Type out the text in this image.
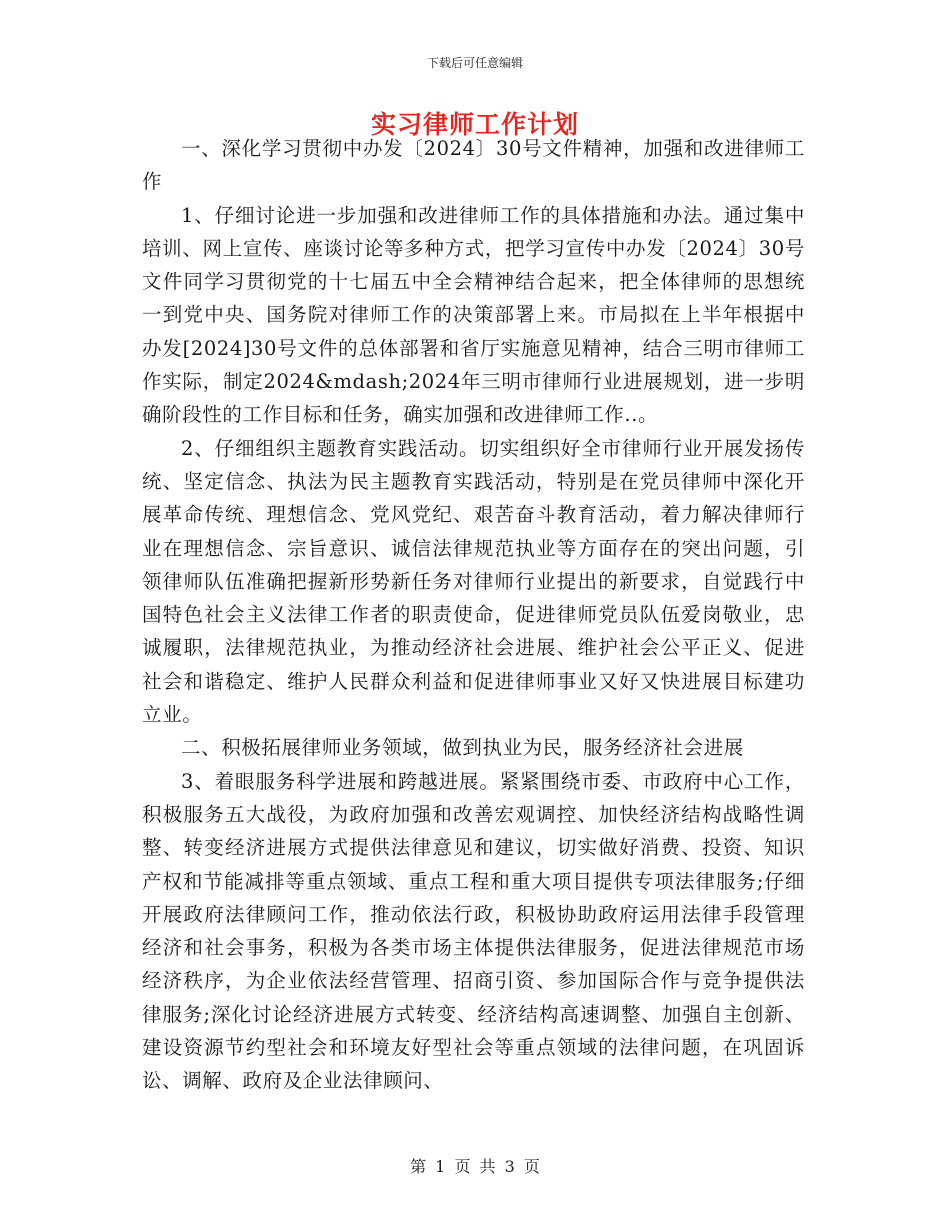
下载后可任意编辑
实习律师工作计划

一、深化学习贯彻中办发〔2024〕30号文件精神，加强和改进律师工作

1、仔细讨论进一步加强和改进律师工作的具体措施和办法。通过集中培训、网上宣传、座谈讨论等多种方式，把学习宣传中办发〔2024〕30号文件同学习贯彻党的十七届五中全会精神结合起来，把全体律师的思想统一到党中央、国务院对律师工作的决策部署上来。市局拟在上半年根据中办发[2024]30号文件的总体部署和省厅实施意见精神，结合三明市律师工作实际，制定2024&mdash;2024年三明市律师行业进展规划，进一步明确阶段性的工作目标和任务，确实加强和改进律师工作..。

2、仔细组织主题教育实践活动。切实组织好全市律师行业开展发扬传统、坚定信念、执法为民主题教育实践活动，特别是在党员律师中深化开展革命传统、理想信念、党风党纪、艰苦奋斗教育活动，着力解决律师行业在理想信念、宗旨意识、诚信法律规范执业等方面存在的突出问题，引领律师队伍准确把握新形势新任务对律师行业提出的新要求，自觉践行中国特色社会主义法律工作者的职责使命，促进律师党员队伍爱岗敬业，忠诚履职，法律规范执业，为推动经济社会进展、维护社会公平正义、促进社会和谐稳定、维护人民群众利益和促进律师事业又好又快进展目标建功立业。

二、积极拓展律师业务领域，做到执业为民，服务经济社会进展

3、着眼服务科学进展和跨越进展。紧紧围绕市委、市政府中心工作，积极服务五大战役，为政府加强和改善宏观调控、加快经济结构战略性调整、转变经济进展方式提供法律意见和建议，切实做好消费、投资、知识产权和节能减排等重点领域、重点工程和重大项目提供专项法律服务;仔细开展政府法律顾问工作，推动依法行政，积极协助政府运用法律手段管理经济和社会事务，积极为各类市场主体提供法律服务，促进法律规范市场经济秩序，为企业依法经营管理、招商引资、参加国际合作与竞争提供法律服务;深化讨论经济进展方式转变、经济结构高速调整、加强自主创新、建设资源节约型社会和环境友好型社会等重点领域的法律问题，在巩固诉讼、调解、政府及企业法律顾问、

第 1 页 共 3 页
